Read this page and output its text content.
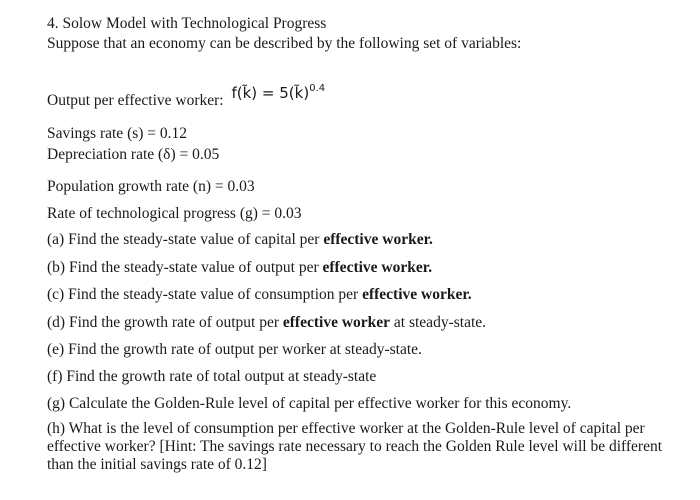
4. Solow Model with Technological Progress
Suppose that an economy can be described by the following set of variables:
Output per effective worker: f(k̃) = 5(k̃)$^{0.4}$
Savings rate (s) = 0.12
Depreciation rate (δ) = 0.05
Population growth rate (n) = 0.03
Rate of technological progress (g) = 0.03
(a) Find the steady-state value of capital per effective worker.
(b) Find the steady-state value of output per effective worker.
(c) Find the steady-state value of consumption per effective worker.
(d) Find the growth rate of output per effective worker at steady-state.
(e) Find the growth rate of output per worker at steady-state.
(f) Find the growth rate of total output at steady-state
(g) Calculate the Golden-Rule level of capital per effective worker for this economy.
(h) What is the level of consumption per effective worker at the Golden-Rule level of capital per effective worker? [Hint: The savings rate necessary to reach the Golden Rule level will be different than the initial savings rate of 0.12]
